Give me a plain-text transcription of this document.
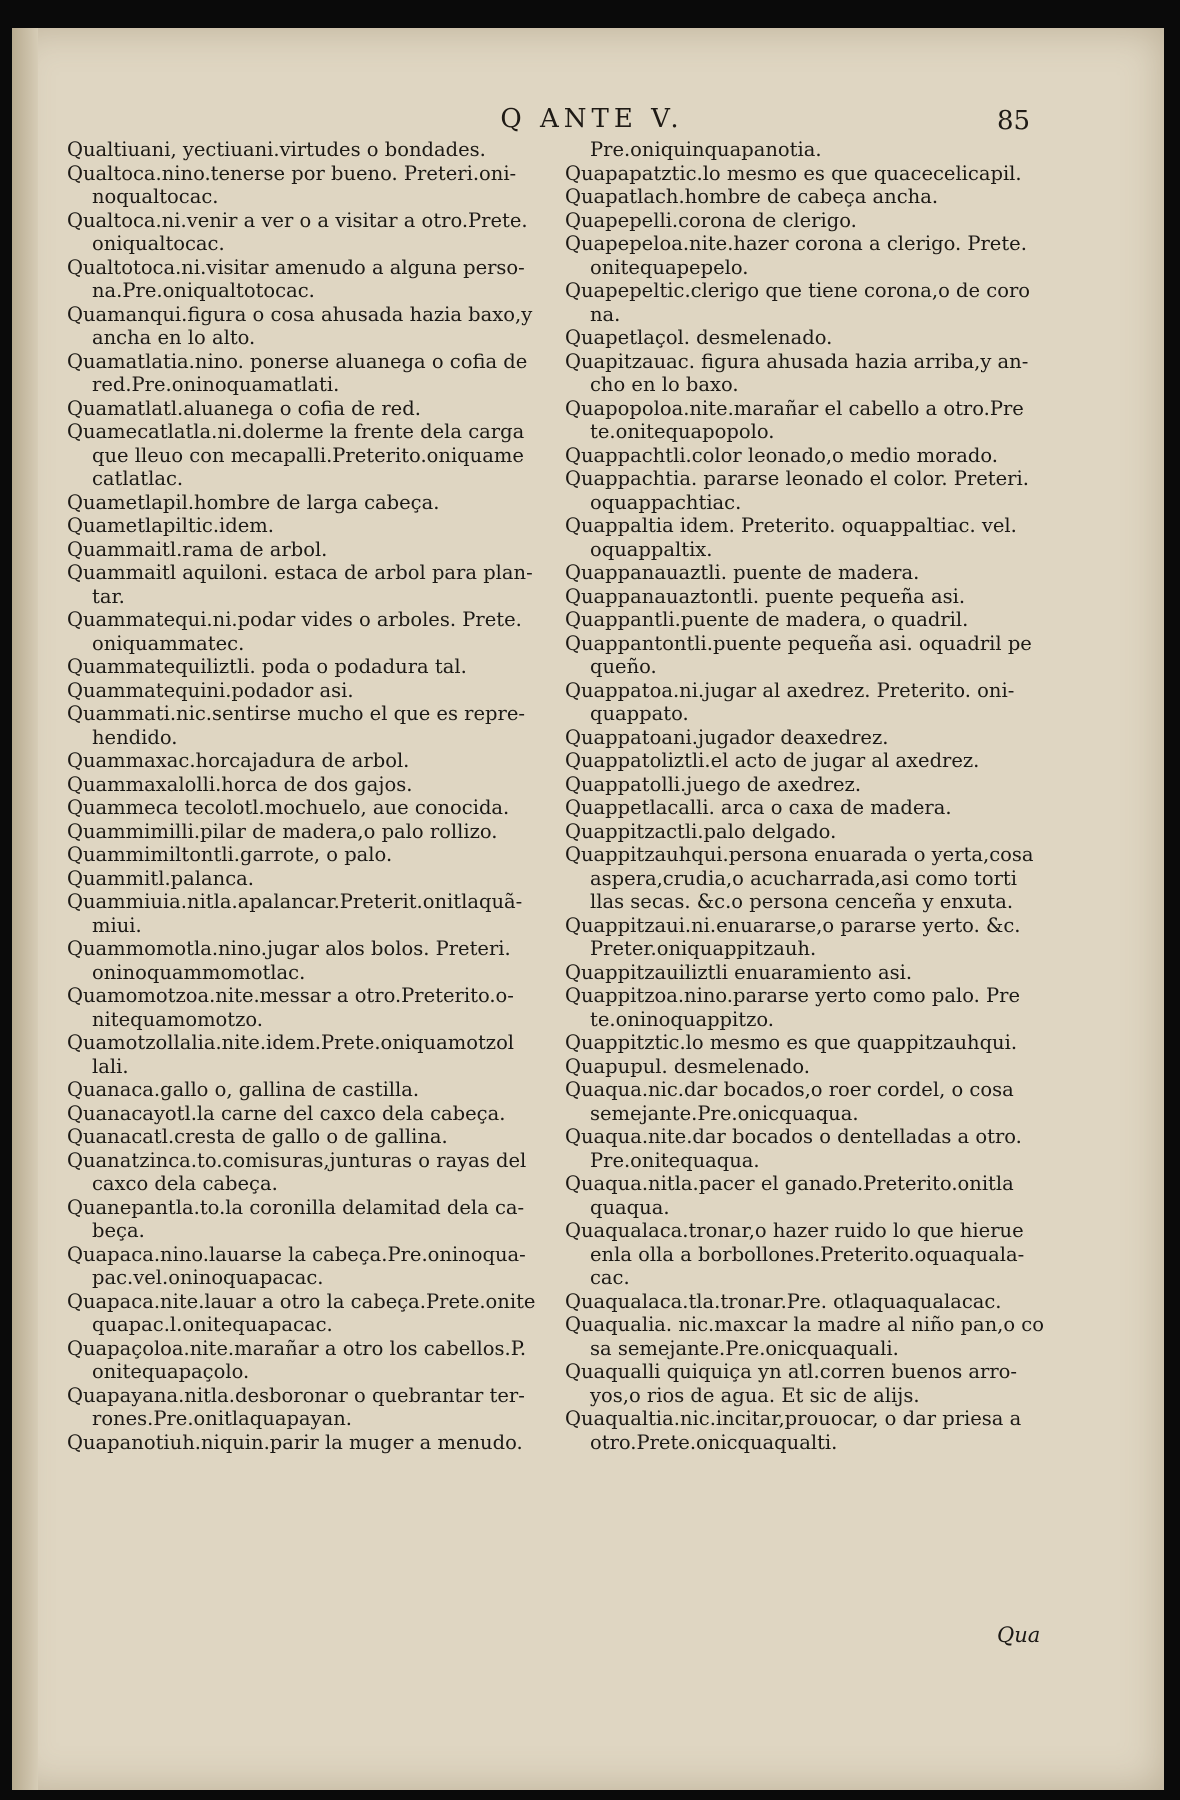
Q ANTE V.	85
Qualtiuani, yectiuani.virtudes o bondades.
Qualtoca.nino.tenerse por bueno. Preteri.oni-
noqualtocac.
Qualtoca.ni.venir a ver o a visitar a otro.Prete.
oniqualtocac.
Qualtotoca.ni.visitar amenudo a alguna perso-
na.Pre.oniqualtotocac.
Quamanqui.figura o cosa ahusada hazia baxo,y
ancha en lo alto.
Quamatlatia.nino. ponerse aluanega o cofia de
red.Pre.oninoquamatlati.
Quamatlatl.aluanega o cofia de red.
Quamecatlatla.ni.dolerme la frente dela carga
que lleuo con mecapalli.Preterito.oniquame
catlatlac.
Quametlapil.hombre de larga cabeça.
Quametlapiltic.idem.
Quammaitl.rama de arbol.
Quammaitl aquiloni. estaca de arbol para plan-
tar.
Quammatequi.ni.podar vides o arboles. Prete.
oniquammatec.
Quammatequiliztli. poda o podadura tal.
Quammatequini.podador asi.
Quammati.nic.sentirse mucho el que es repre-
hendido.
Quammaxac.horcajadura de arbol.
Quammaxalolli.horca de dos gajos.
Quammeca tecolotl.mochuelo, aue conocida.
Quammimilli.pilar de madera,o palo rollizo.
Quammimiltontli.garrote, o palo.
Quammitl.palanca.
Quammiuia.nitla.apalancar.Preterit.onitlaquã-
miui.
Quammomotla.nino.jugar alos bolos. Preteri.
oninoquammomotlac.
Quamomotzoa.nite.messar a otro.Preterito.o-
nitequamomotzo.
Quamotzollalia.nite.idem.Prete.oniquamotzol
lali.
Quanaca.gallo o, gallina de castilla.
Quanacayotl.la carne del caxco dela cabeça.
Quanacatl.cresta de gallo o de gallina.
Quanatzinca.to.comisuras,junturas o rayas del
caxco dela cabeça.
Quanepantla.to.la coronilla delamitad dela ca-
beça.
Quapaca.nino.lauarse la cabeça.Pre.oninoqua-
pac.vel.oninoquapacac.
Quapaca.nite.lauar a otro la cabeça.Prete.onite
quapac.l.onitequapacac.
Quapaçoloa.nite.marañar a otro los cabellos.P.
onitequapaçolo.
Quapayana.nitla.desboronar o quebrantar ter-
rones.Pre.onitlaquapayan.
Quapanotiuh.niquin.parir la muger a menudo.
Pre.oniquinquapanotia.
Quapapatztic.lo mesmo es que quacecelicapil.
Quapatlach.hombre de cabeça ancha.
Quapepelli.corona de clerigo.
Quapepeloa.nite.hazer corona a clerigo. Prete.
onitequapepelo.
Quapepeltic.clerigo que tiene corona,o de coro
na.
Quapetlaçol. desmelenado.
Quapitzauac. figura ahusada hazia arriba,y an-
cho en lo baxo.
Quapopoloa.nite.marañar el cabello a otro.Pre
te.onitequapopolo.
Quappachtli.color leonado,o medio morado.
Quappachtia. pararse leonado el color. Preteri.
oquappachtiac.
Quappaltia idem. Preterito. oquappaltiac. vel.
oquappaltix.
Quappanauaztli. puente de madera.
Quappanauaztontli. puente pequeña asi.
Quappantli.puente de madera, o quadril.
Quappantontli.puente pequeña asi. oquadril pe
queño.
Quappatoa.ni.jugar al axedrez. Preterito. oni-
quappato.
Quappatoani.jugador deaxedrez.
Quappatoliztli.el acto de jugar al axedrez.
Quappatolli.juego de axedrez.
Quappetlacalli. arca o caxa de madera.
Quappitzactli.palo delgado.
Quappitzauhqui.persona enuarada o yerta,cosa
aspera,crudia,o acucharrada,asi como torti
llas secas. &c.o persona cenceña y enxuta.
Quappitzaui.ni.enuararse,o pararse yerto. &c.
Preter.oniquappitzauh.
Quappitzauiliztli enuaramiento asi.
Quappitzoa.nino.pararse yerto como palo. Pre
te.oninoquappitzo.
Quappitztic.lo mesmo es que quappitzauhqui.
Quapupul. desmelenado.
Quaqua.nic.dar bocados,o roer cordel, o cosa
semejante.Pre.onicquaqua.
Quaqua.nite.dar bocados o dentelladas a otro.
Pre.onitequaqua.
Quaqua.nitla.pacer el ganado.Preterito.onitla
quaqua.
Quaqualaca.tronar,o hazer ruido lo que hierue
enla olla a borbollones.Preterito.oquaquala-
cac.
Quaqualaca.tla.tronar.Pre. otlaquaqualacac.
Quaqualia. nic.maxcar la madre al niño pan,o co
sa semejante.Pre.onicquaquali.
Quaqualli quiquiça yn atl.corren buenos arro-
yos,o rios de agua. Et sic de alijs.
Quaqualtia.nic.incitar,prouocar, o dar priesa a
otro.Prete.onicquaqualti.
Qua
